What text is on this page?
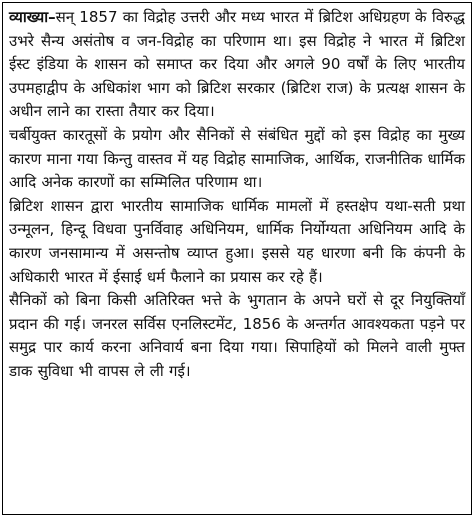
व्याख्या–सन् 1857 का विद्रोह उत्तरी और मध्य भारत में ब्रिटिश अधिग्रहण के विरुद्ध उभरे सैन्य असंतोष व जन-विद्रोह का परिणाम था। इस विद्रोह ने भारत में ब्रिटिश ईस्ट इंडिया के शासन को समाप्त कर दिया और अगले 90 वर्षों के लिए भारतीय उपमहाद्वीप के अधिकांश भाग को ब्रिटिश सरकार (ब्रिटिश राज) के प्रत्यक्ष शासन के अधीन लाने का रास्ता तैयार कर दिया।

चर्बीयुक्त कारतूसों के प्रयोग और सैनिकों से संबंधित मुद्दों को इस विद्रोह का मुख्य कारण माना गया किन्तु वास्तव में यह विद्रोह सामाजिक, आर्थिक, राजनीतिक धार्मिक आदि अनेक कारणों का सम्मिलित परिणाम था।

ब्रिटिश शासन द्वारा भारतीय सामाजिक धार्मिक मामलों में हस्तक्षेप यथा-सती प्रथा उन्मूलन, हिन्दू विधवा पुनर्विवाह अधिनियम, धार्मिक निर्योग्यता अधिनियम आदि के कारण जनसामान्य में असन्तोष व्याप्त हुआ। इससे यह धारणा बनी कि कंपनी के अधिकारी भारत में ईसाई धर्म फैलाने का प्रयास कर रहे हैं।

सैनिकों को बिना किसी अतिरिक्त भत्ते के भुगतान के अपने घरों से दूर नियुक्तियाँ प्रदान की गई। जनरल सर्विस एनलिस्टमेंट, 1856 के अन्तर्गत आवश्यकता पड़ने पर समुद्र पार कार्य करना अनिवार्य बना दिया गया। सिपाहियों को मिलने वाली मुफ्त डाक सुविधा भी वापस ले ली गई।
